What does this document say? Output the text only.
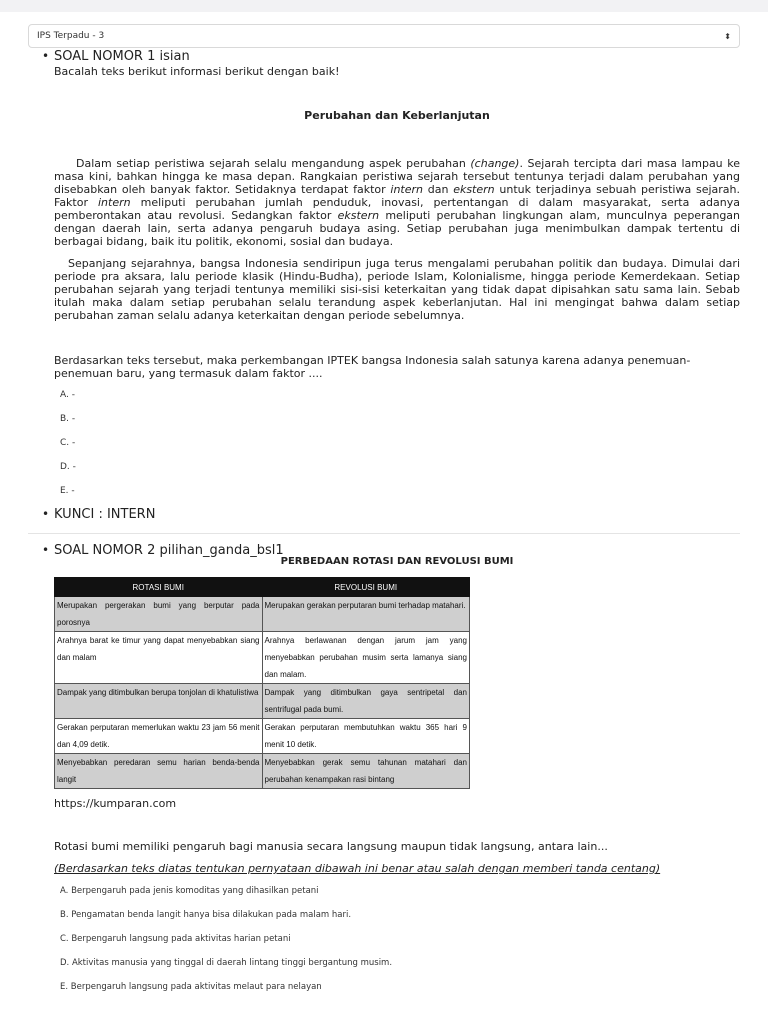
IPS Terpadu - 3	⬍
• SOAL NOMOR 1 isian
Bacalah teks berikut informasi berikut dengan baik!
Perubahan dan Keberlanjutan

Dalam setiap peristiwa sejarah selalu mengandung aspek perubahan (change). Sejarah tercipta dari masa lampau ke masa kini, bahkan hingga ke masa depan. Rangkaian peristiwa sejarah tersebut tentunya terjadi dalam perubahan yang disebabkan oleh banyak faktor. Setidaknya terdapat faktor intern dan ekstern untuk terjadinya sebuah peristiwa sejarah. Faktor intern meliputi perubahan jumlah penduduk, inovasi, pertentangan di dalam masyarakat, serta adanya pemberontakan atau revolusi. Sedangkan faktor ekstern meliputi perubahan lingkungan alam, munculnya peperangan dengan daerah lain, serta adanya pengaruh budaya asing. Setiap perubahan juga menimbulkan dampak tertentu di berbagai bidang, baik itu politik, ekonomi, sosial dan budaya.

Sepanjang sejarahnya, bangsa Indonesia sendiripun juga terus mengalami perubahan politik dan budaya. Dimulai dari periode pra aksara, lalu periode klasik (Hindu-Budha), periode Islam, Kolonialisme, hingga periode Kemerdekaan. Setiap perubahan sejarah yang terjadi tentunya memiliki sisi-sisi keterkaitan yang tidak dapat dipisahkan satu sama lain. Sebab itulah maka dalam setiap perubahan selalu terandung aspek keberlanjutan. Hal ini mengingat bahwa dalam setiap perubahan zaman selalu adanya keterkaitan dengan periode sebelumnya.

Berdasarkan teks tersebut, maka perkembangan IPTEK bangsa Indonesia salah satunya karena adanya penemuan-penemuan baru, yang termasuk dalam faktor ....
A. -
B. -
C. -
D. -
E. -
• KUNCI : INTERN
• SOAL NOMOR 2 pilihan_ganda_bsl1
PERBEDAAN ROTASI DAN REVOLUSI BUMI
ROTASI BUMI	REVOLUSI BUMI
Merupakan pergerakan bumi yang berputar pada porosnya	Merupakan gerakan perputaran bumi terhadap matahari.
Arahnya barat ke timur yang dapat menyebabkan siang dan malam	Arahnya berlawanan dengan jarum jam yang menyebabkan perubahan musim serta lamanya siang dan malam.
Dampak yang ditimbulkan berupa tonjolan di khatulistiwa	Dampak yang ditimbulkan gaya sentripetal dan sentrifugal pada bumi.
Gerakan perputaran memerlukan waktu 23 jam 56 menit dan 4,09 detik.	Gerakan perputaran membutuhkan waktu 365 hari 9 menit 10 detik.
Menyebabkan peredaran semu harian benda-benda langit	Menyebabkan gerak semu tahunan matahari dan perubahan kenampakan rasi bintang
https://kumparan.com
Rotasi bumi memiliki pengaruh bagi manusia secara langsung maupun tidak langsung, antara lain...
(Berdasarkan teks diatas tentukan pernyataan dibawah ini benar atau salah dengan memberi tanda centang)
A. Berpengaruh pada jenis komoditas yang dihasilkan petani
B. Pengamatan benda langit hanya bisa dilakukan pada malam hari.
C. Berpengaruh langsung pada aktivitas harian petani
D. Aktivitas manusia yang tinggal di daerah lintang tinggi bergantung musim.
E. Berpengaruh langsung pada aktivitas melaut para nelayan
